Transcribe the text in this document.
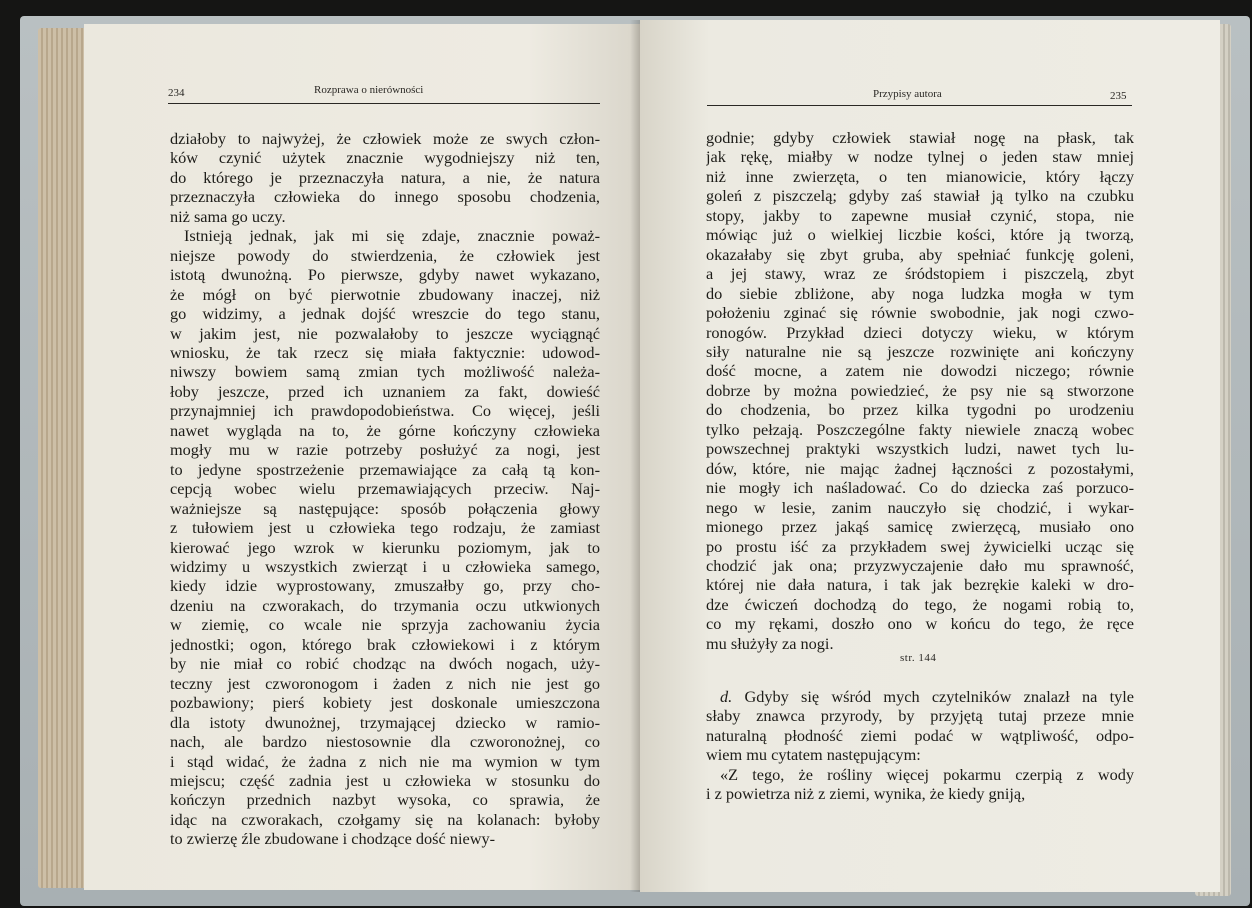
234	Rozprawa o nierówności
działoby to najwyżej, że człowiek może ze swych człon-
ków czynić użytek znacznie wygodniejszy niż ten,
do którego je przeznaczyła natura, a nie, że natura
przeznaczyła człowieka do innego sposobu chodzenia,
niż sama go uczy.
Istnieją jednak, jak mi się zdaje, znacznie poważ-
niejsze powody do stwierdzenia, że człowiek jest
istotą dwunożną. Po pierwsze, gdyby nawet wykazano,
że mógł on być pierwotnie zbudowany inaczej, niż
go widzimy, a jednak dojść wreszcie do tego stanu,
w jakim jest, nie pozwalałoby to jeszcze wyciągnąć
wniosku, że tak rzecz się miała faktycznie: udowod-
niwszy bowiem samą zmian tych możliwość należa-
łoby jeszcze, przed ich uznaniem za fakt, dowieść
przynajmniej ich prawdopodobieństwa. Co więcej, jeśli
nawet wygląda na to, że górne kończyny człowieka
mogły mu w razie potrzeby posłużyć za nogi, jest
to jedyne spostrzeżenie przemawiające za całą tą kon-
cepcją wobec wielu przemawiających przeciw. Naj-
ważniejsze są następujące: sposób połączenia głowy
z tułowiem jest u człowieka tego rodzaju, że zamiast
kierować jego wzrok w kierunku poziomym, jak to
widzimy u wszystkich zwierząt i u człowieka samego,
kiedy idzie wyprostowany, zmuszałby go, przy cho-
dzeniu na czworakach, do trzymania oczu utkwionych
w ziemię, co wcale nie sprzyja zachowaniu życia
jednostki; ogon, którego brak człowiekowi i z którym
by nie miał co robić chodząc na dwóch nogach, uży-
teczny jest czworonogom i żaden z nich nie jest go
pozbawiony; pierś kobiety jest doskonale umieszczona
dla istoty dwunożnej, trzymającej dziecko w ramio-
nach, ale bardzo niestosownie dla czworonożnej, co
i stąd widać, że żadna z nich nie ma wymion w tym
miejscu; część zadnia jest u człowieka w stosunku do
kończyn przednich nazbyt wysoka, co sprawia, że
idąc na czworakach, czołgamy się na kolanach: byłoby
to zwierzę źle zbudowane i chodzące dość niewy-
Przypisy autora	235
godnie; gdyby człowiek stawiał nogę na płask, tak
jak rękę, miałby w nodze tylnej o jeden staw mniej
niż inne zwierzęta, o ten mianowicie, który łączy
goleń z piszczelą; gdyby zaś stawiał ją tylko na czubku
stopy, jakby to zapewne musiał czynić, stopa, nie
mówiąc już o wielkiej liczbie kości, które ją tworzą,
okazałaby się zbyt gruba, aby spełniać funkcję goleni,
a jej stawy, wraz ze śródstopiem i piszczelą, zbyt
do siebie zbliżone, aby noga ludzka mogła w tym
położeniu zginać się równie swobodnie, jak nogi czwo-
ronogów. Przykład dzieci dotyczy wieku, w którym
siły naturalne nie są jeszcze rozwinięte ani kończyny
dość mocne, a zatem nie dowodzi niczego; równie
dobrze by można powiedzieć, że psy nie są stworzone
do chodzenia, bo przez kilka tygodni po urodzeniu
tylko pełzają. Poszczególne fakty niewiele znaczą wobec
powszechnej praktyki wszystkich ludzi, nawet tych lu-
dów, które, nie mając żadnej łączności z pozostałymi,
nie mogły ich naśladować. Co do dziecka zaś porzuco-
nego w lesie, zanim nauczyło się chodzić, i wykar-
mionego przez jakąś samicę zwierzęcą, musiało ono
po prostu iść za przykładem swej żywicielki ucząc się
chodzić jak ona; przyzwyczajenie dało mu sprawność,
której nie dała natura, i tak jak bezrękie kaleki w dro-
dze ćwiczeń dochodzą do tego, że nogami robią to,
co my rękami, doszło ono w końcu do tego, że ręce
mu służyły za nogi.
str. 144
d. Gdyby się wśród mych czytelników znalazł na tyle
słaby znawca przyrody, by przyjętą tutaj przeze mnie
naturalną płodność ziemi podać w wątpliwość, odpo-
wiem mu cytatem następującym:
«Z tego, że rośliny więcej pokarmu czerpią z wody
i z powietrza niż z ziemi, wynika, że kiedy gniją,
